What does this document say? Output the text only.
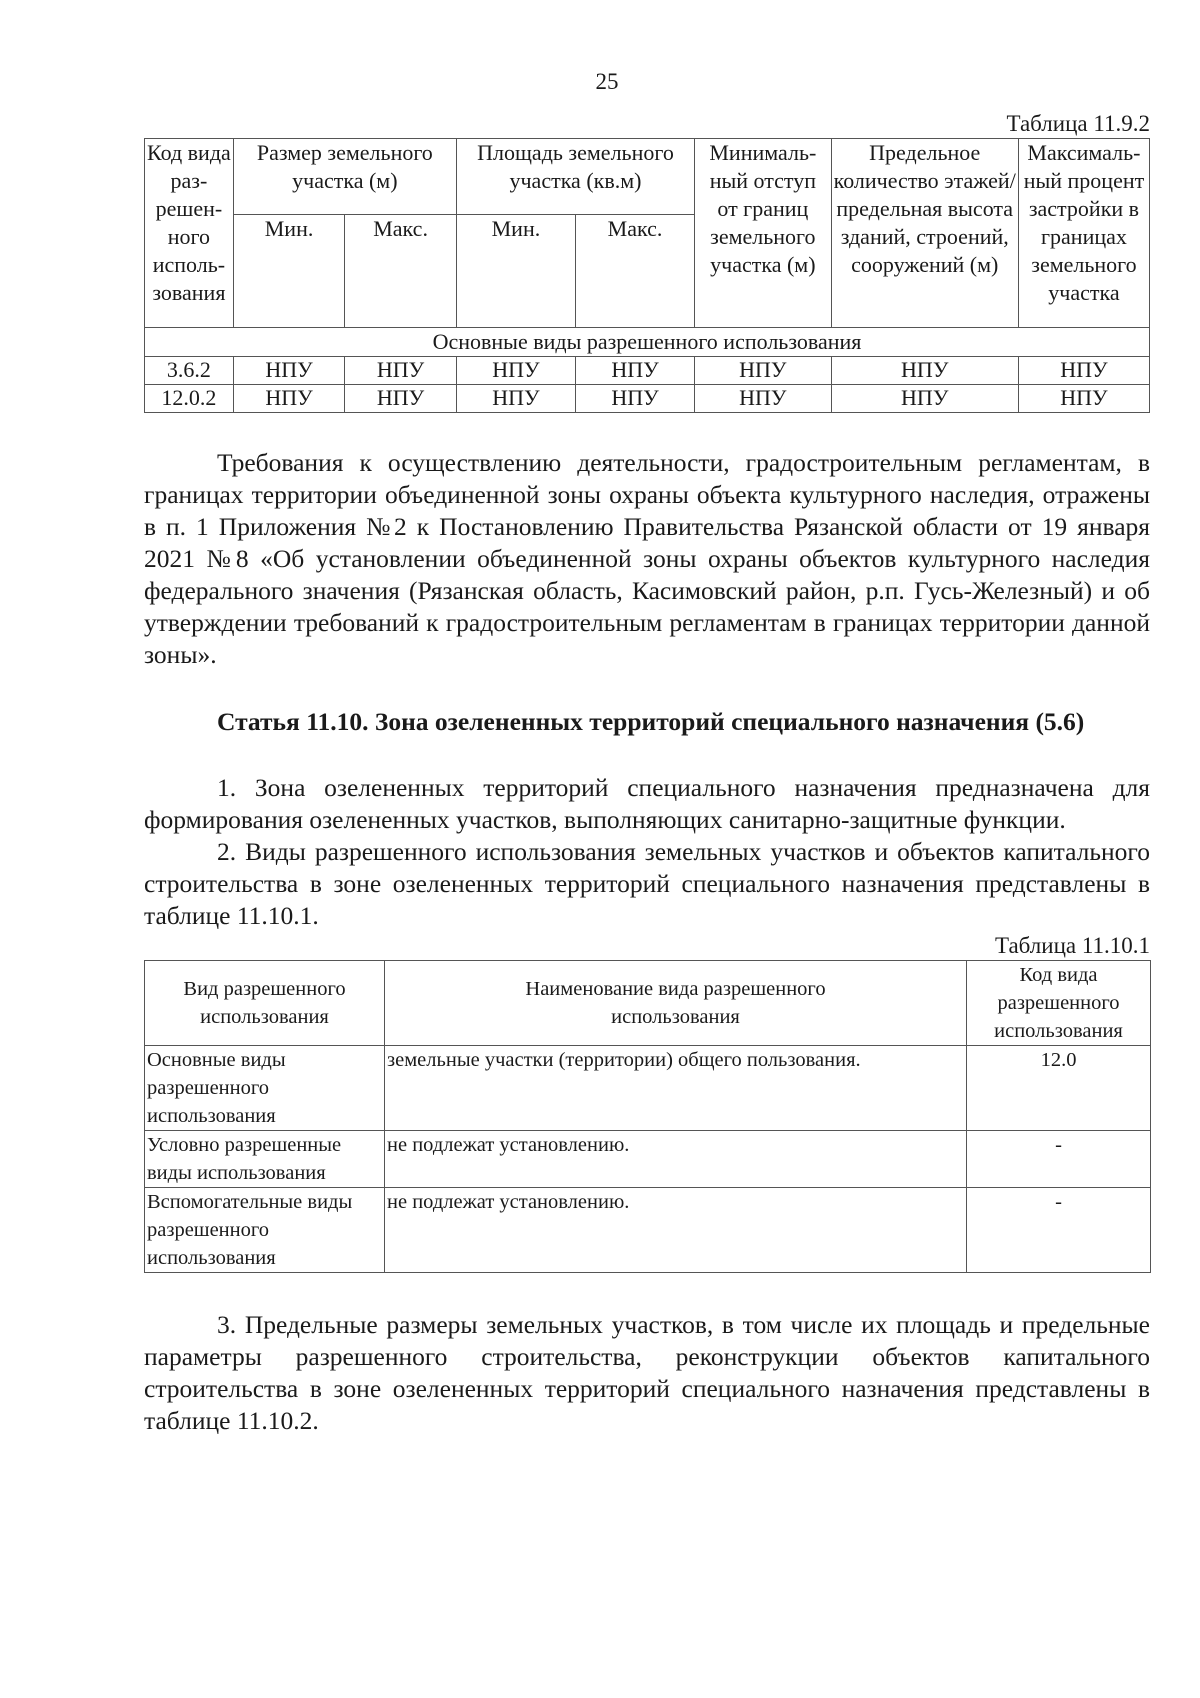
25
Таблица 11.9.2
Код вида раз-решен-ного исполь-зования	Размер земельного участка (м)		Площадь земельного участка (кв.м)		Минималь-ный отступ от границ земельного участка (м)	Предельное количество этажей/ предельная высота зданий, строений, сооружений (м)	Максималь-ный процент застройки в границах земельного участка
	Мин.	Макс.	Мин.	Макс.			
Основные виды разрешенного использования							
3.6.2	НПУ	НПУ	НПУ	НПУ	НПУ	НПУ	НПУ
12.0.2	НПУ	НПУ	НПУ	НПУ	НПУ	НПУ	НПУ

Требования к осуществлению деятельности, градостроительным регламентам, в границах территории объединенной зоны охраны объекта культурного наследия, отражены в п. 1 Приложения №2 к Постановлению Правительства Рязанской области от 19 января 2021 №8 «Об установлении объединенной зоны охраны объектов культурного наследия федерального значения (Рязанская область, Касимовский район, р.п. Гусь-Железный) и об утверждении требований к градостроительным регламентам в границах территории данной зоны».

Статья 11.10. Зона озелененных территорий специального назначения (5.6)

1. Зона озелененных территорий специального назначения предназначена для формирования озелененных участков, выполняющих санитарно-защитные функции.

2. Виды разрешенного использования земельных участков и объектов капитального строительства в зоне озелененных территорий специального назначения представлены в таблице 11.10.1.

Таблица 11.10.1
Вид разрешенного использования	Наименование вида разрешенного использования	Код вида разрешенного использования
Основные виды разрешенного использования	земельные участки (территории) общего пользования.	12.0
Условно разрешенные виды использования	не подлежат установлению.	-
Вспомогательные виды разрешенного использования	не подлежат установлению.	-

3. Предельные размеры земельных участков, в том числе их площадь и предельные параметры разрешенного строительства, реконструкции объектов капитального строительства в зоне озелененных территорий специального назначения представлены в таблице 11.10.2.
